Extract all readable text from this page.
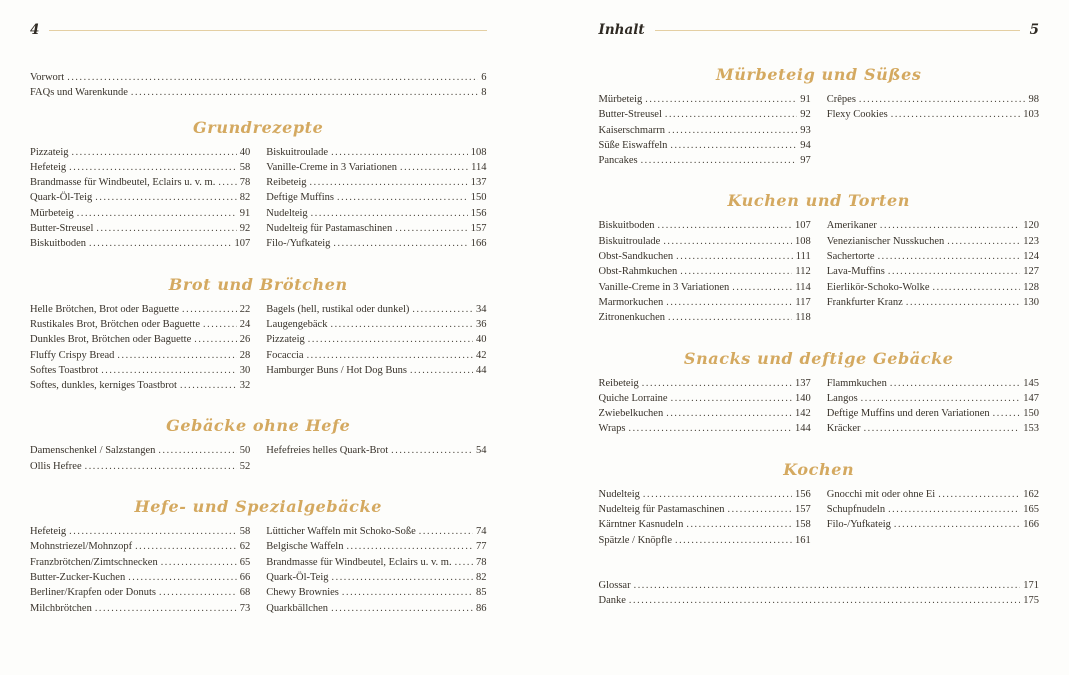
4
Vorwort .....	6
FAQs und Warenkunde .....	8
Grundrezepte
Pizzateig .....	40
Hefeteig .....	58
Brandmasse für Windbeutel, Eclairs u. v. m. ..... 78
Quark-Öl-Teig .....	82
Mürbeteig .....	91
Butter-Streusel .....	92
Biskuitboden .....	107
Biskuitroulade .....	108
Vanille-Creme in 3 Variationen .....	114
Reibeteig .....	137
Deftige Muffins .....	150
Nudelteig .....	156
Nudelteig für Pastamaschinen .....	157
Filo-/Yufkateig .....	166
Brot und Brötchen
Helle Brötchen, Brot oder Baguette .....	22
Rustikales Brot, Brötchen oder Baguette .....	24
Dunkles Brot, Brötchen oder Baguette .....	26
Fluffy Crispy Bread .....	28
Softes Toastbrot .....	30
Softes, dunkles, kerniges Toastbrot .....	32
Bagels (hell, rustikal oder dunkel) .....	34
Laugengebäck .....	36
Pizzateig .....	40
Focaccia .....	42
Hamburger Buns / Hot Dog Buns .....	44
Gebäcke ohne Hefe
Damenschenkel / Salzstangen .....	50
Ollis Hefree .....	52
Hefefreies helles Quark-Brot .....	54
Hefe- und Spezialgebäcke
Hefeteig .....	58
Mohnstriezel/Mohnzopf .....	62
Franzbrötchen/Zimtschnecken .....	65
Butter-Zucker-Kuchen .....	66
Berliner/Krapfen oder Donuts .....	68
Milchbrötchen .....	73
Lütticher Waffeln mit Schoko-Soße .....	74
Belgische Waffeln .....	77
Brandmasse für Windbeutel, Eclairs u. v. m. ..... 78
Quark-Öl-Teig .....	82
Chewy Brownies .....	85
Quarkbällchen .....	86
Inhalt	5
Mürbeteig und Süßes
Mürbeteig .....	91
Butter-Streusel .....	92
Kaiserschmarrn .....	93
Süße Eiswaffeln .....	94
Pancakes .....	97
Crêpes .....	98
Flexy Cookies .....	103
Kuchen und Torten
Biskuitboden .....	107
Biskuitroulade .....	108
Obst-Sandkuchen .....	111
Obst-Rahmkuchen .....	112
Vanille-Creme in 3 Variationen .....	114
Marmorkuchen .....	117
Zitronenkuchen .....	118
Amerikaner .....	120
Venezianischer Nusskuchen .....	123
Sachertorte .....	124
Lava-Muffins .....	127
Eierlikör-Schoko-Wolke .....	128
Frankfurter Kranz .....	130
Snacks und deftige Gebäcke
Reibeteig .....	137
Quiche Lorraine .....	140
Zwiebelkuchen .....	142
Wraps .....	144
Flammkuchen .....	145
Langos .....	147
Deftige Muffins und deren Variationen .....	150
Kräcker .....	153
Kochen
Nudelteig .....	156
Nudelteig für Pastamaschinen .....	157
Kärntner Kasnudeln .....	158
Spätzle / Knöpfle .....	161
Gnocchi mit oder ohne Ei .....	162
Schupfnudeln .....	165
Filo-/Yufkateig .....	166
Glossar .....	171
Danke .....	175
